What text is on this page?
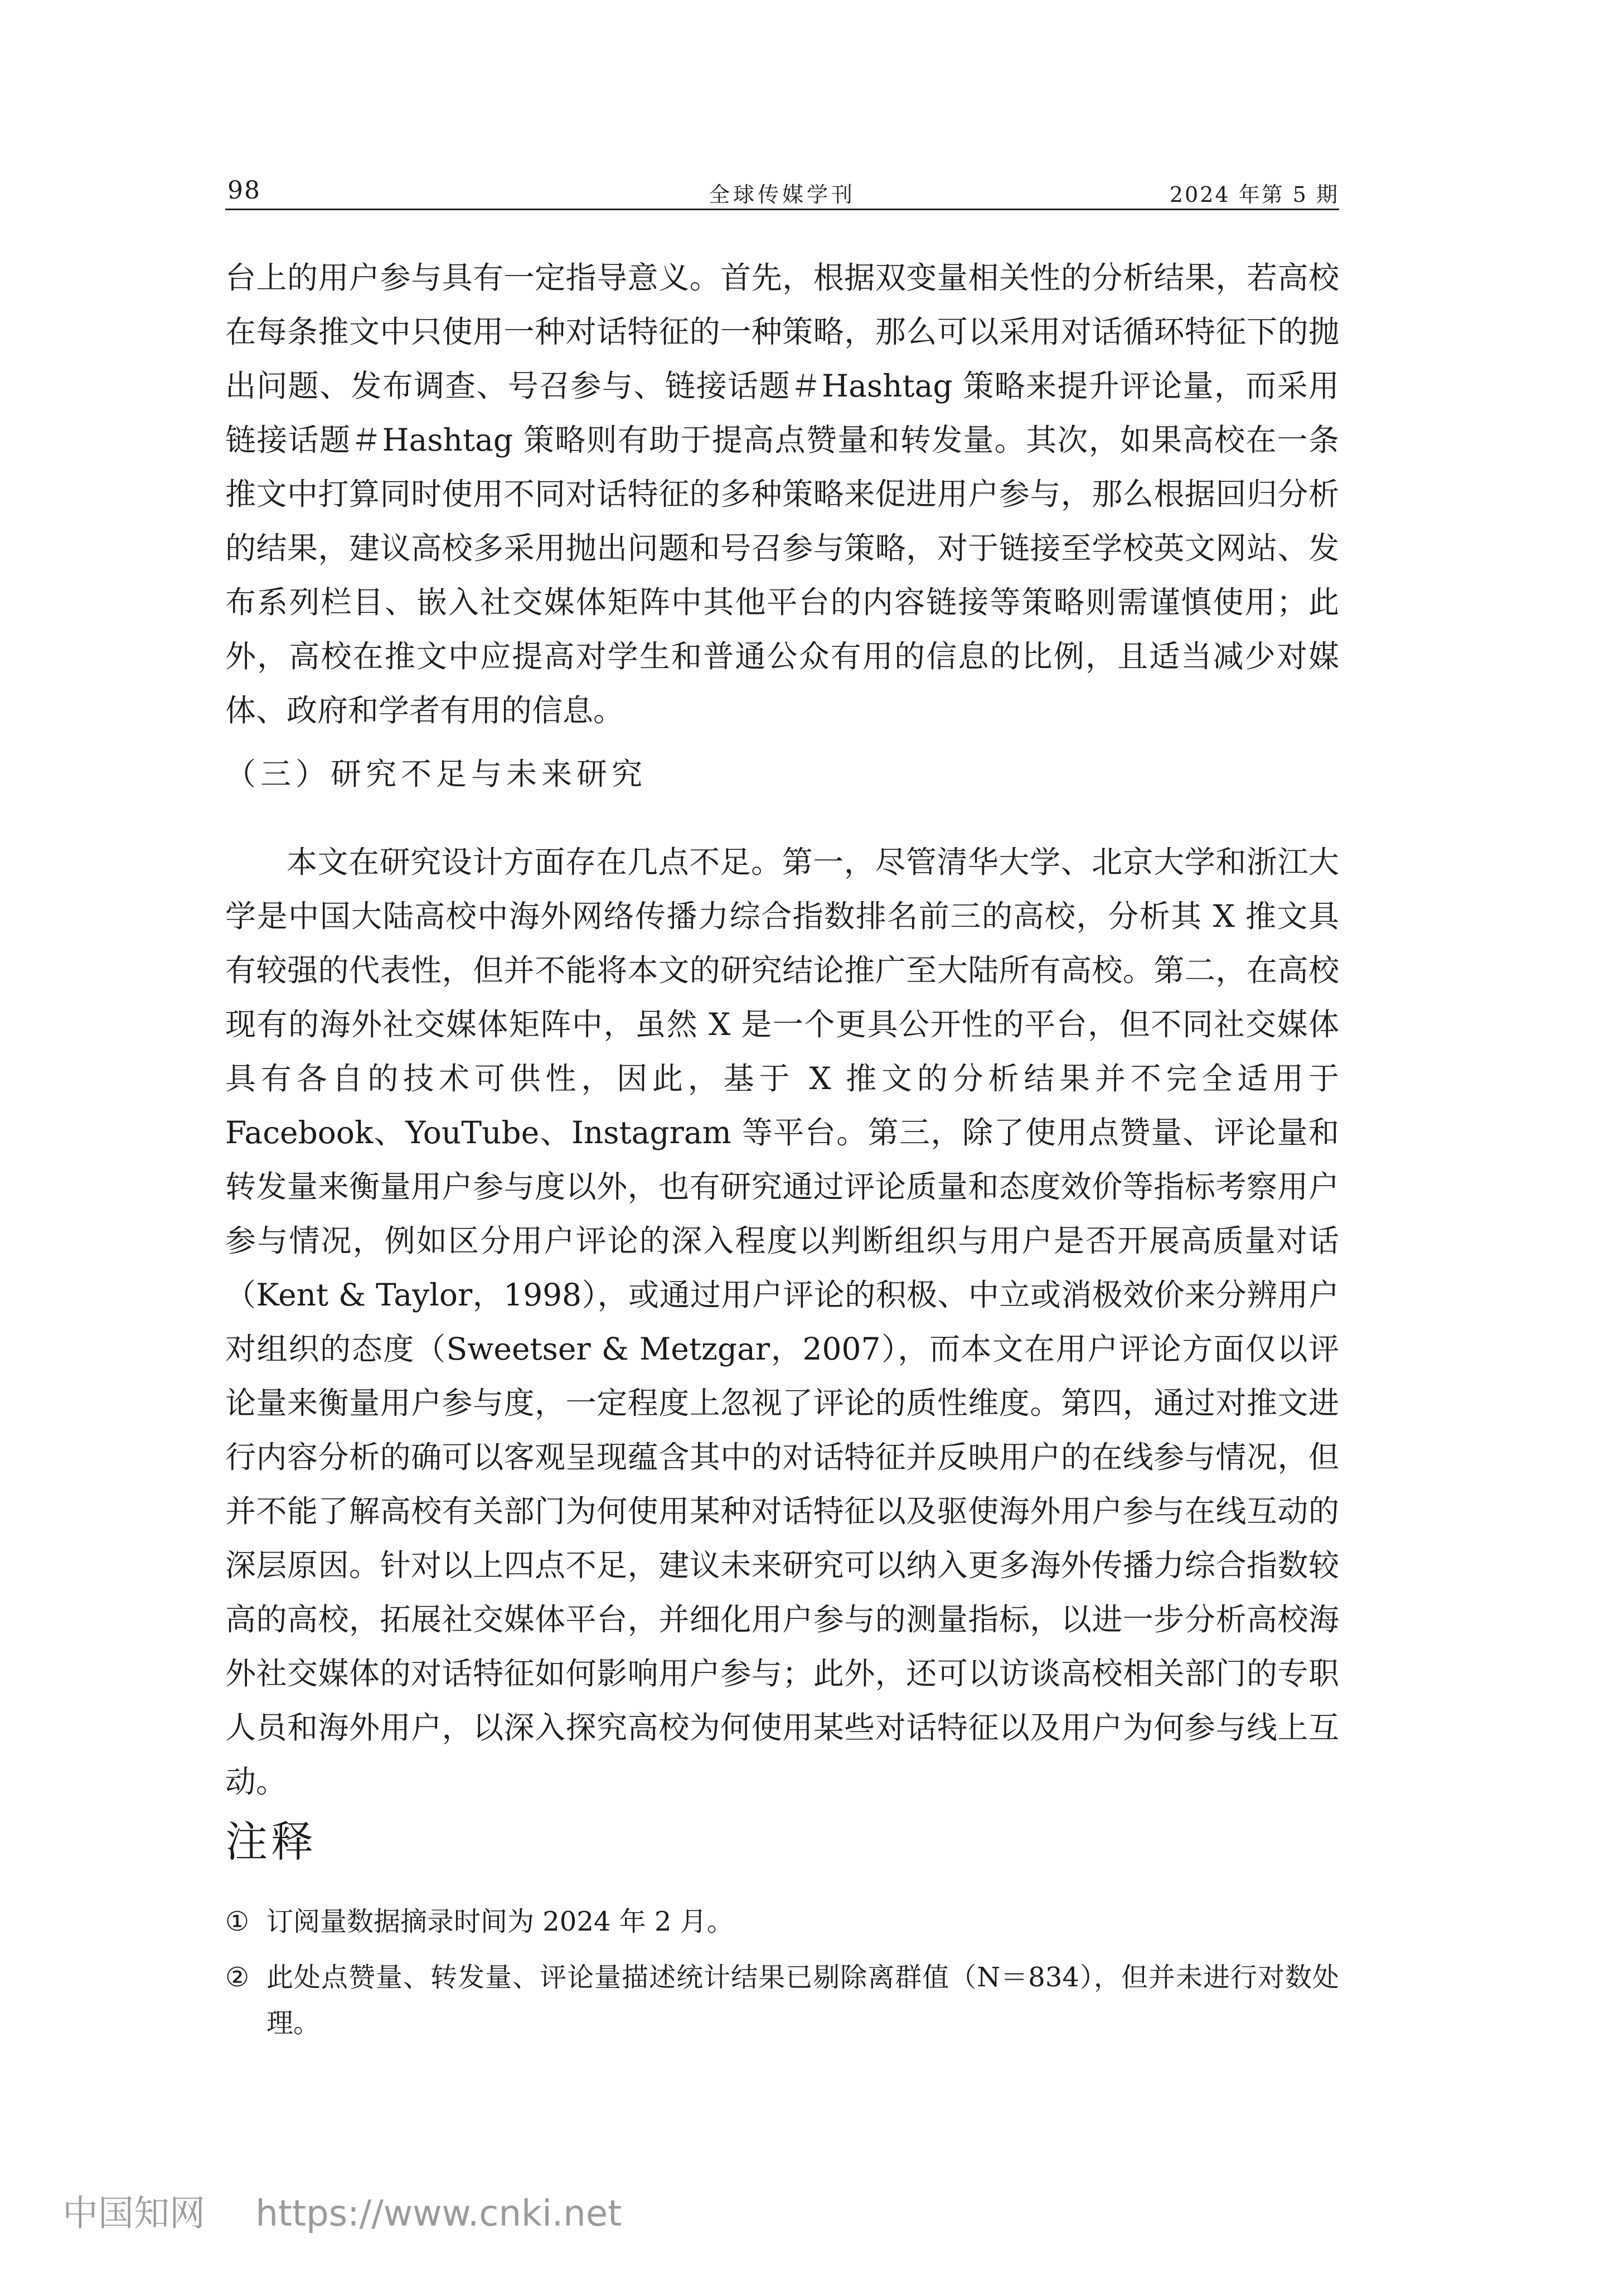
98	全球传媒学刊	2024 年第 5 期
台上的用户参与具有一定指导意义。首先，根据双变量相关性的分析结果，若高校在每条推文中只使用一种对话特征的一种策略，那么可以采用对话循环特征下的抛出问题、发布调查、号召参与、链接话题＃Hashtag 策略来提升评论量，而采用链接话题＃Hashtag 策略则有助于提高点赞量和转发量。其次，如果高校在一条推文中打算同时使用不同对话特征的多种策略来促进用户参与，那么根据回归分析的结果，建议高校多采用抛出问题和号召参与策略，对于链接至学校英文网站、发布系列栏目、嵌入社交媒体矩阵中其他平台的内容链接等策略则需谨慎使用；此外，高校在推文中应提高对学生和普通公众有用的信息的比例，且适当减少对媒体、政府和学者有用的信息。
（三）研究不足与未来研究
本文在研究设计方面存在几点不足。第一，尽管清华大学、北京大学和浙江大学是中国大陆高校中海外网络传播力综合指数排名前三的高校，分析其 X 推文具有较强的代表性，但并不能将本文的研究结论推广至大陆所有高校。第二，在高校现有的海外社交媒体矩阵中，虽然 X 是一个更具公开性的平台，但不同社交媒体具有各自的技术可供性，因此，基于 X 推文的分析结果并不完全适用于 Facebook、YouTube、Instagram 等平台。第三，除了使用点赞量、评论量和转发量来衡量用户参与度以外，也有研究通过评论质量和态度效价等指标考察用户参与情况，例如区分用户评论的深入程度以判断组织与用户是否开展高质量对话（Kent & Taylor，1998），或通过用户评论的积极、中立或消极效价来分辨用户对组织的态度（Sweetser & Metzgar，2007），而本文在用户评论方面仅以评论量来衡量用户参与度，一定程度上忽视了评论的质性维度。第四，通过对推文进行内容分析的确可以客观呈现蕴含其中的对话特征并反映用户的在线参与情况，但并不能了解高校有关部门为何使用某种对话特征以及驱使海外用户参与在线互动的深层原因。针对以上四点不足，建议未来研究可以纳入更多海外传播力综合指数较高的高校，拓展社交媒体平台，并细化用户参与的测量指标，以进一步分析高校海外社交媒体的对话特征如何影响用户参与；此外，还可以访谈高校相关部门的专职人员和海外用户，以深入探究高校为何使用某些对话特征以及用户为何参与线上互动。
注释
① 订阅量数据摘录时间为 2024 年 2 月。
② 此处点赞量、转发量、评论量描述统计结果已剔除离群值（N＝834），但并未进行对数处理。
中国知网 https://www.cnki.net
